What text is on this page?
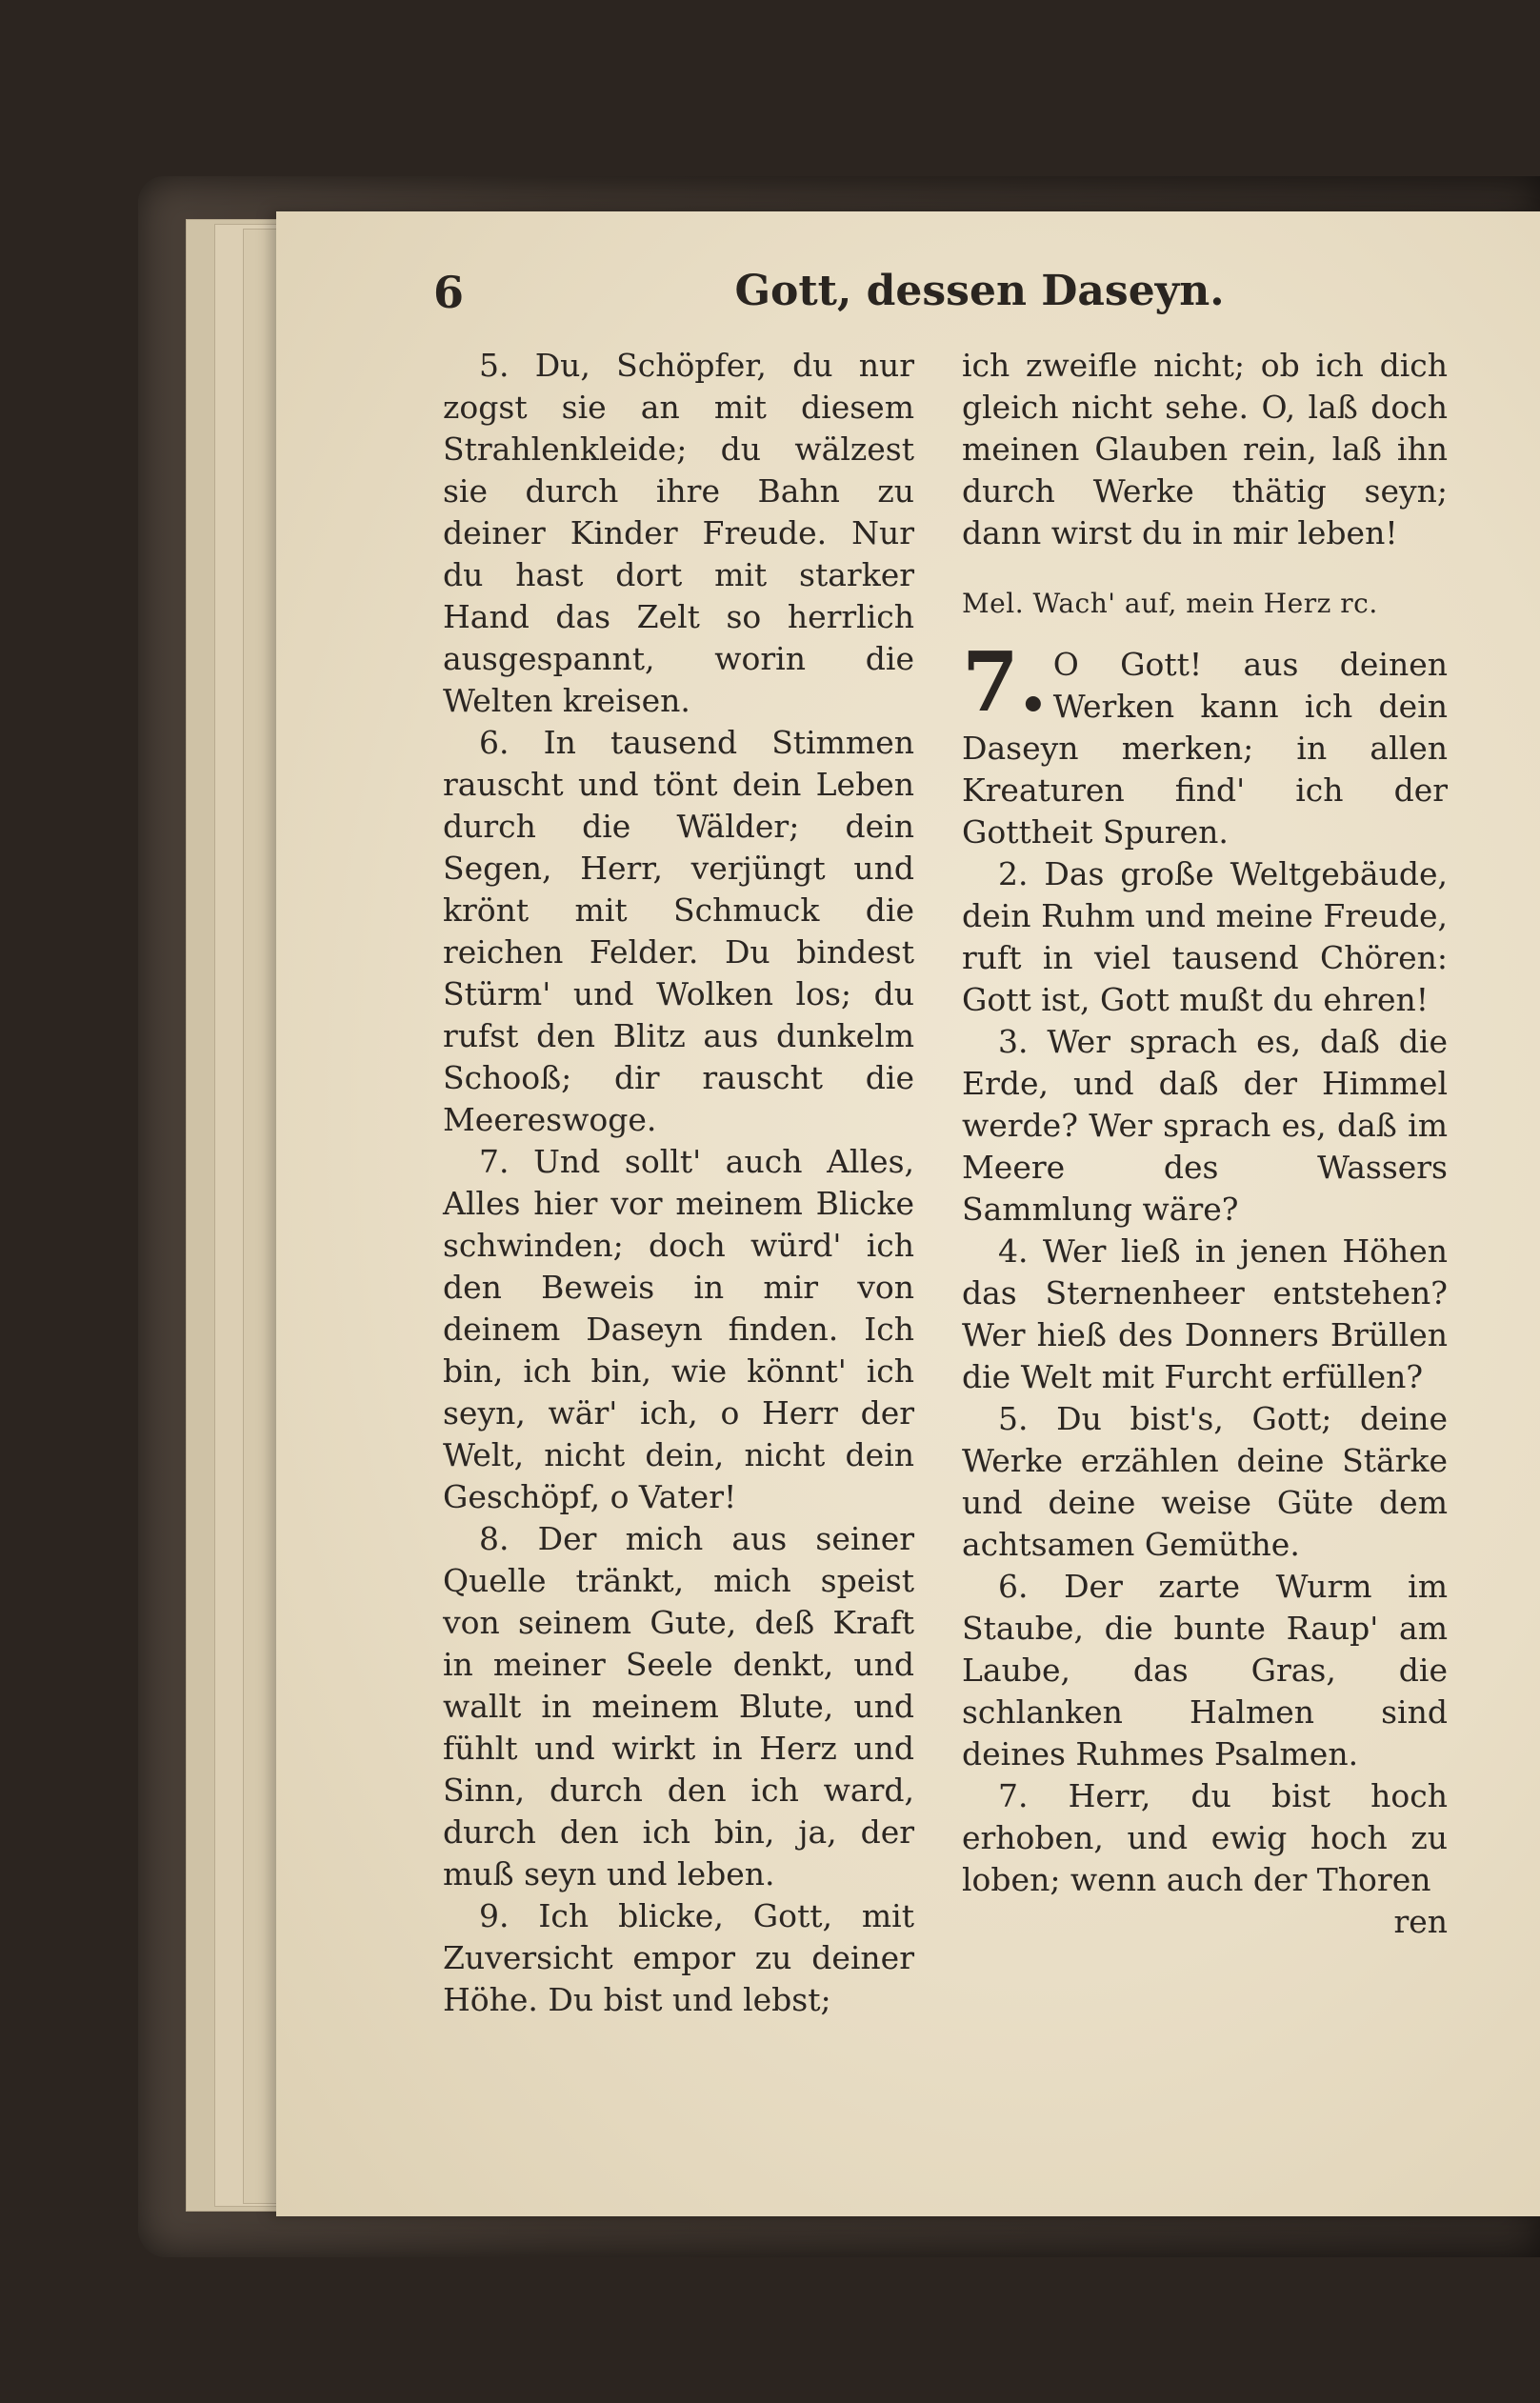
Gott, dessen Daseyn.
6

5. Du, Schöpfer, du nur zogst sie an mit diesem Strahlenkleide; du wälzest sie durch ihre Bahn zu deiner Kinder Freude. Nur du hast dort mit starker Hand das Zelt so herrlich ausgespannt, worin die Welten kreisen.

6. In tausend Stimmen rauscht und tönt dein Leben durch die Wälder; dein Segen, Herr, verjüngt und krönt mit Schmuck die reichen Felder. Du bindest Stürm' und Wolken los; du rufst den Blitz aus dunkelm Schooß; dir rauscht die Meereswoge.

7. Und sollt' auch Alles, Alles hier vor meinem Blicke schwinden; doch würd' ich den Beweis in mir von deinem Daseyn finden. Ich bin, ich bin, wie könnt' ich seyn, wär' ich, o Herr der Welt, nicht dein, nicht dein Geschöpf, o Vater!

8. Der mich aus seiner Quelle tränkt, mich speist von seinem Gute, deß Kraft in meiner Seele denkt, und wallt in meinem Blute, und fühlt und wirkt in Herz und Sinn, durch den ich ward, durch den ich bin, ja, der muß seyn und leben.

9. Ich blicke, Gott, mit Zuversicht empor zu deiner Höhe. Du bist und lebst;

ich zweifle nicht; ob ich dich gleich nicht sehe. O, laß doch meinen Glauben rein, laß ihn durch Werke thätig seyn; dann wirst du in mir leben!

Mel. Wach' auf, mein Herz rc.

7. O Gott! aus deinen Werken kann ich dein Daseyn merken; in allen Kreaturen find' ich der Gottheit Spuren.

2. Das große Weltgebäude, dein Ruhm und meine Freude, ruft in viel tausend Chören: Gott ist, Gott mußt du ehren!

3. Wer sprach es, daß die Erde, und daß der Himmel werde? Wer sprach es, daß im Meere des Wassers Sammlung wäre?

4. Wer ließ in jenen Höhen das Sternenheer entstehen? Wer hieß des Donners Brüllen die Welt mit Furcht erfüllen?

5. Du bist's, Gott; deine Werke erzählen deine Stärke und deine weise Güte dem achtsamen Gemüthe.

6. Der zarte Wurm im Staube, die bunte Raup' am Laube, das Gras, die schlanken Halmen sind deines Ruhmes Psalmen.

7. Herr, du bist hoch erhoben, und ewig hoch zu loben; wenn auch der Thoren

ren
